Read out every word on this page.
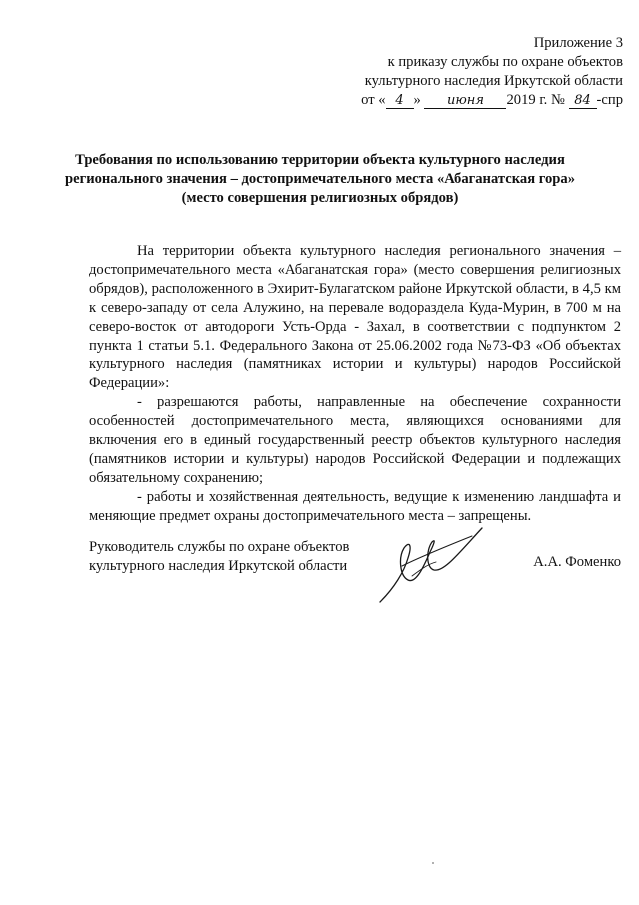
Приложение 3
к приказу службы по охране объектов
культурного наследия Иркутской области
от « 4 » июня 2019 г. № 84 -спр
Требования по использованию территории объекта культурного наследия
регионального значения – достопримечательного места «Абаганатская гора»
(место совершения религиозных обрядов)

На территории объекта культурного наследия регионального значения – достопримечательного места «Абаганатская гора» (место совершения религиозных обрядов), расположенного в Эхирит-Булагатском районе Иркутской области, в 4,5 км к северо-западу от села Алужино, на перевале водораздела Куда-Мурин, в 700 м на северо-восток от автодороги Усть-Орда - Захал, в соответствии с подпунктом 2 пункта 1 статьи 5.1. Федерального Закона от 25.06.2002 года №73-ФЗ «Об объектах культурного наследия (памятниках истории и культуры) народов Российской Федерации»:

- разрешаются работы, направленные на обеспечение сохранности особенностей достопримечательного места, являющихся основаниями для включения его в единый государственный реестр объектов культурного наследия (памятников истории и культуры) народов Российской Федерации и подлежащих обязательному сохранению;

- работы и хозяйственная деятельность, ведущие к изменению ландшафта и меняющие предмет охраны достопримечательного места – запрещены.

Руководитель службы по охране объектов
культурного наследия Иркутской области	А.А. Фоменко
